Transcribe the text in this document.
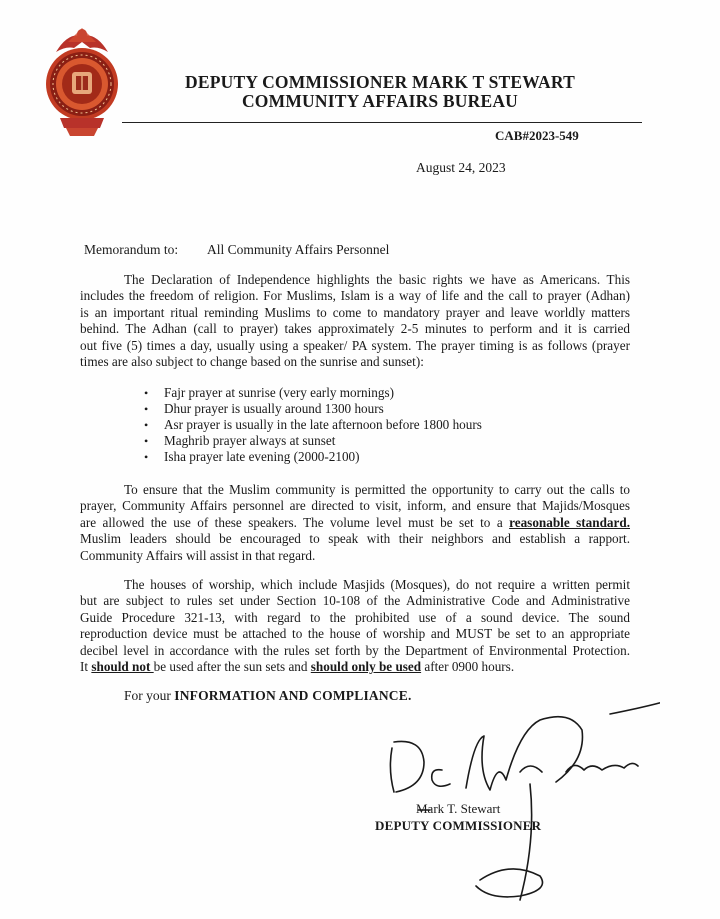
DEPUTY COMMISSIONER MARK T STEWART
COMMUNITY AFFAIRS BUREAU
CAB#2023-549
August 24, 2023
Memorandum to: All Community Affairs Personnel
The Declaration of Independence highlights the basic rights we have as Americans. This
includes the freedom of religion. For Muslims, Islam is a way of life and the call to prayer (Adhan)
is an important ritual reminding Muslims to come to mandatory prayer and leave worldly matters
behind. The Adhan (call to prayer) takes approximately 2-5 minutes to perform and it is carried
out five (5) times a day, usually using a speaker/ PA system. The prayer timing is as follows (prayer
times are also subject to change based on the sunrise and sunset):
• Fajr prayer at sunrise (very early mornings)
• Dhur prayer is usually around 1300 hours
• Asr prayer is usually in the late afternoon before 1800 hours
• Maghrib prayer always at sunset
• Isha prayer late evening (2000-2100)
To ensure that the Muslim community is permitted the opportunity to carry out the calls to
prayer, Community Affairs personnel are directed to visit, inform, and ensure that Majids/Mosques
are allowed the use of these speakers. The volume level must be set to a reasonable standard.
Muslim leaders should be encouraged to speak with their neighbors and establish a rapport.
Community Affairs will assist in that regard.
The houses of worship, which include Masjids (Mosques), do not require a written permit
but are subject to rules set under Section 10-108 of the Administrative Code and Administrative
Guide Procedure 321-13, with regard to the prohibited use of a sound device. The sound
reproduction device must be attached to the house of worship and MUST be set to an appropriate
decibel level in accordance with the rules set forth by the Department of Environmental Protection.
It should not be used after the sun sets and should only be used after 0900 hours.
For your INFORMATION AND COMPLIANCE.
Mark T. Stewart
DEPUTY COMMISSIONER
